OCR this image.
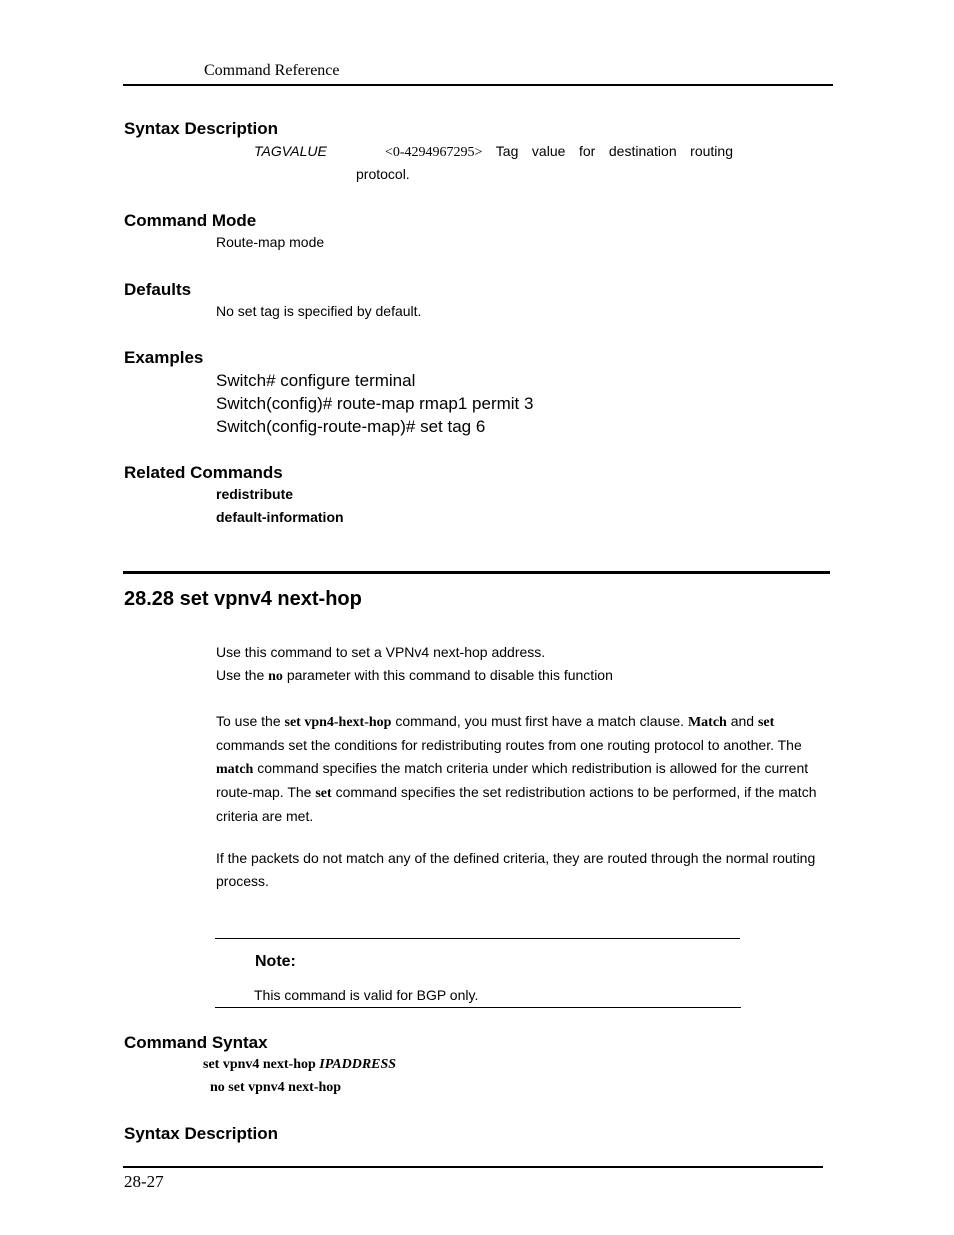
Command Reference
Syntax Description
TAGVALUE	<0-4294967295> Tag value for destination routing
protocol.
Command Mode
Route-map mode
Defaults
No set tag is specified by default.
Examples
Switch# configure terminal
Switch(config)# route-map rmap1 permit 3
Switch(config-route-map)# set tag 6
Related Commands
redistribute
default-information
28.28 set vpnv4 next-hop

Use this command to set a VPNv4 next-hop address.

Use the no parameter with this command to disable this function

To use the set vpn4-hext-hop command, you must first have a match clause. Match and set commands set the conditions for redistributing routes from one routing protocol to another. The match command specifies the match criteria under which redistribution is allowed for the current route-map. The set command specifies the set redistribution actions to be performed, if the match criteria are met.

If the packets do not match any of the defined criteria, they are routed through the normal routing process.

Note:
This command is valid for BGP only.
Command Syntax
set vpnv4 next-hop IPADDRESS
no set vpnv4 next-hop
Syntax Description
28-27
